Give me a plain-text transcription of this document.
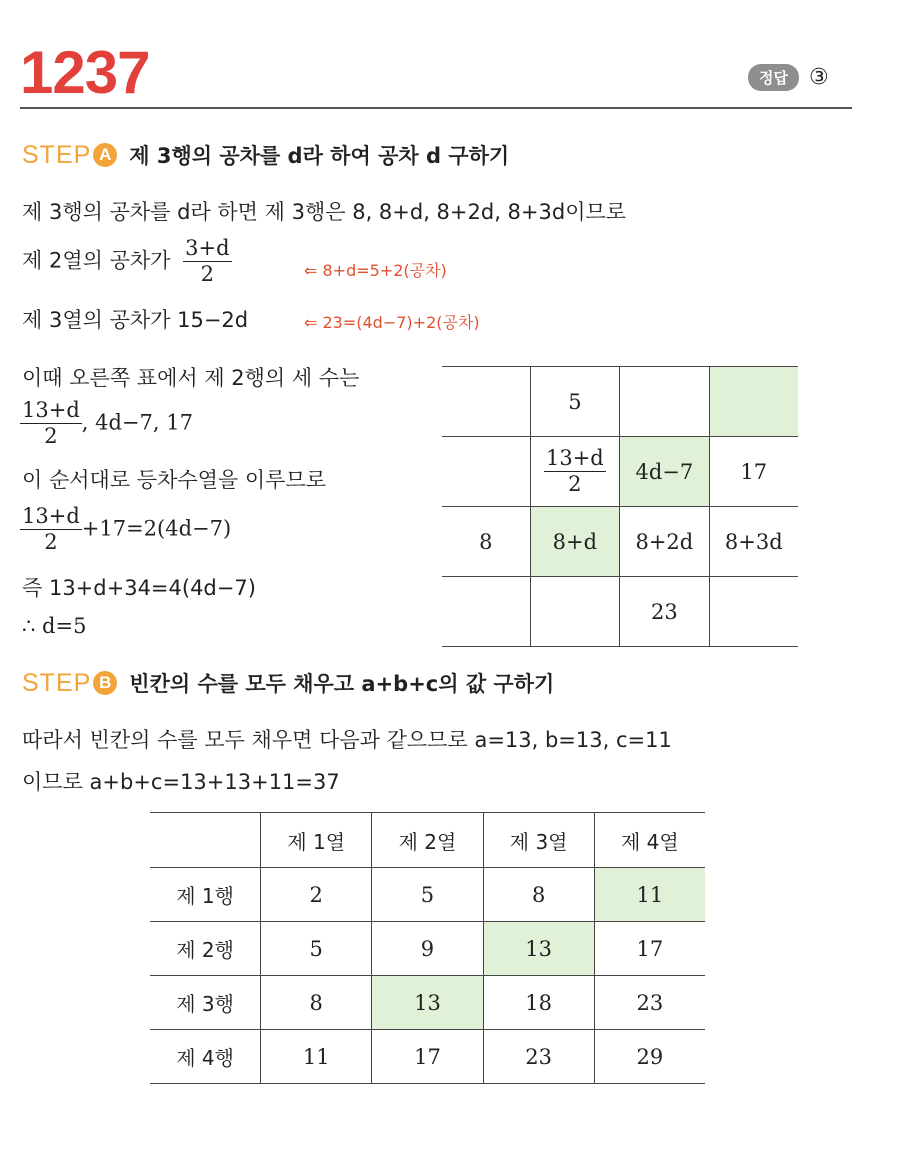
1237	정답 ③
STEP A 제 3행의 공차를 d라 하여 공차 d 구하기
제 3행의 공차를 d라 하면 제 3행은 8, 8+d, 8+2d, 8+3d이므로
제 2열의 공차가 $\frac{3+d}{2}$	⇐ 8+d=5+2(공차)
제 3열의 공차가 15−2d	⇐ 23=(4d−7)+2(공차)
이때 오른쪽 표에서 제 2행의 세 수는
$\frac{13+d}{2}$ , 4d−7, 17
이 순서대로 등차수열을 이루므로
$\frac{13+d}{2} +17=2(4d-7)$
즉 13+d+34=4(4d−7)
∴ d=5
	5		

	$\frac{13+d}{2}$	4d−7	17
8	8+d	8+2d	8+3d
		23	
STEP B 빈칸의 수를 모두 채우고 a+b+c의 값 구하기
따라서 빈칸의 수를 모두 채우면 다음과 같으므로 a=13, b=13, c=11
이므로 a+b+c=13+13+11=37
	제 1열	제 2열	제 3열	제 4열
제 1행	2	5	8	11
제 2행	5	9	13	17
제 3행	8	13	18	23
제 4행	11	17	23	29
